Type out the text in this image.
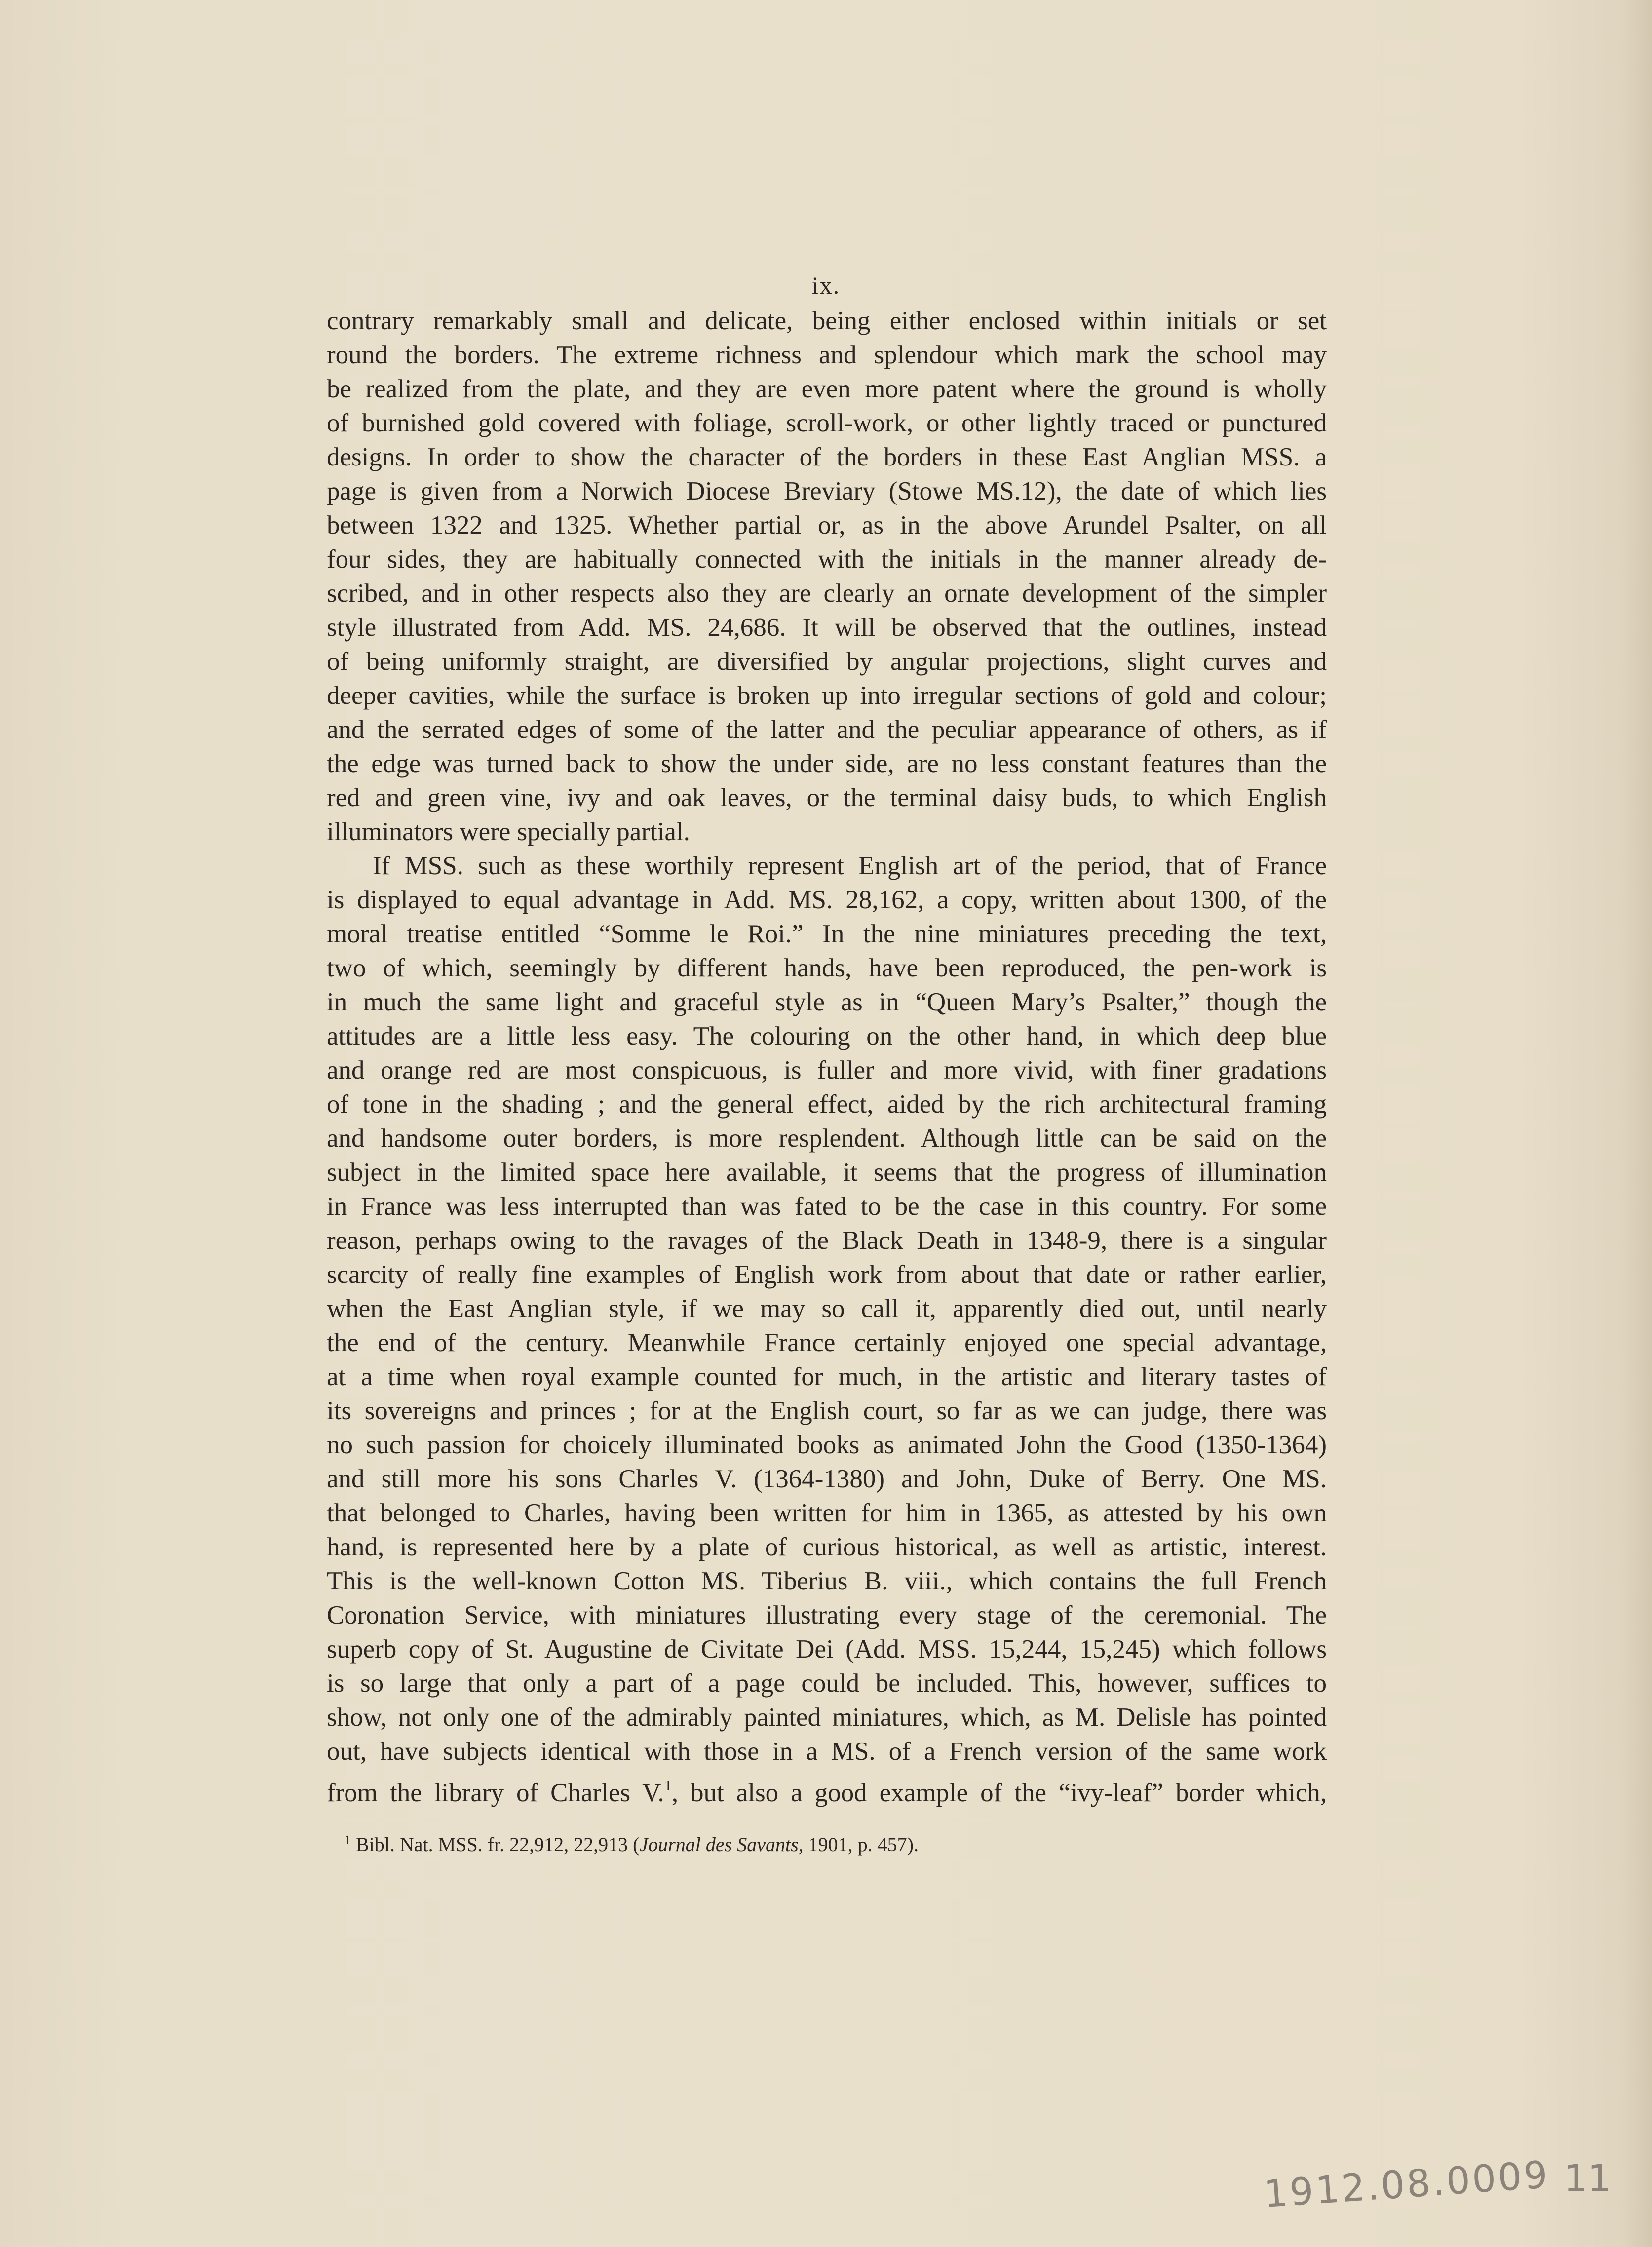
ix.
contrary remarkably small and delicate, being either enclosed within initials or set
round the borders. The extreme richness and splendour which mark the school may
be realized from the plate, and they are even more patent where the ground is wholly
of burnished gold covered with foliage, scroll-work, or other lightly traced or punctured
designs. In order to show the character of the borders in these East Anglian MSS. a
page is given from a Norwich Diocese Breviary (Stowe MS.12), the date of which lies
between 1322 and 1325. Whether partial or, as in the above Arundel Psalter, on all
four sides, they are habitually connected with the initials in the manner already de-
scribed, and in other respects also they are clearly an ornate development of the simpler
style illustrated from Add. MS. 24,686. It will be observed that the outlines, instead
of being uniformly straight, are diversified by angular projections, slight curves and
deeper cavities, while the surface is broken up into irregular sections of gold and colour;
and the serrated edges of some of the latter and the peculiar appearance of others, as if
the edge was turned back to show the under side, are no less constant features than the
red and green vine, ivy and oak leaves, or the terminal daisy buds, to which English
illuminators were specially partial.
If MSS. such as these worthily represent English art of the period, that of France
is displayed to equal advantage in Add. MS. 28,162, a copy, written about 1300, of the
moral treatise entitled “Somme le Roi.” In the nine miniatures preceding the text,
two of which, seemingly by different hands, have been reproduced, the pen-work is
in much the same light and graceful style as in “Queen Mary’s Psalter,” though the
attitudes are a little less easy. The colouring on the other hand, in which deep blue
and orange red are most conspicuous, is fuller and more vivid, with finer gradations
of tone in the shading ; and the general effect, aided by the rich architectural framing
and handsome outer borders, is more resplendent. Although little can be said on the
subject in the limited space here available, it seems that the progress of illumination
in France was less interrupted than was fated to be the case in this country. For some
reason, perhaps owing to the ravages of the Black Death in 1348-9, there is a singular
scarcity of really fine examples of English work from about that date or rather earlier,
when the East Anglian style, if we may so call it, apparently died out, until nearly
the end of the century. Meanwhile France certainly enjoyed one special advantage,
at a time when royal example counted for much, in the artistic and literary tastes of
its sovereigns and princes ; for at the English court, so far as we can judge, there was
no such passion for choicely illuminated books as animated John the Good (1350-1364)
and still more his sons Charles V. (1364-1380) and John, Duke of Berry. One MS.
that belonged to Charles, having been written for him in 1365, as attested by his own
hand, is represented here by a plate of curious historical, as well as artistic, interest.
This is the well-known Cotton MS. Tiberius B. viii., which contains the full French
Coronation Service, with miniatures illustrating every stage of the ceremonial. The
superb copy of St. Augustine de Civitate Dei (Add. MSS. 15,244, 15,245) which follows
is so large that only a part of a page could be included. This, however, suffices to
show, not only one of the admirably painted miniatures, which, as M. Delisle has pointed
out, have subjects identical with those in a MS. of a French version of the same work
from the library of Charles V.$^1$, but also a good example of the “ivy-leaf” border which,
$^1$ Bibl. Nat. MSS. fr. 22,912, 22,913 (Journal des Savants, 1901, p. 457).
1912.08.0009 11
